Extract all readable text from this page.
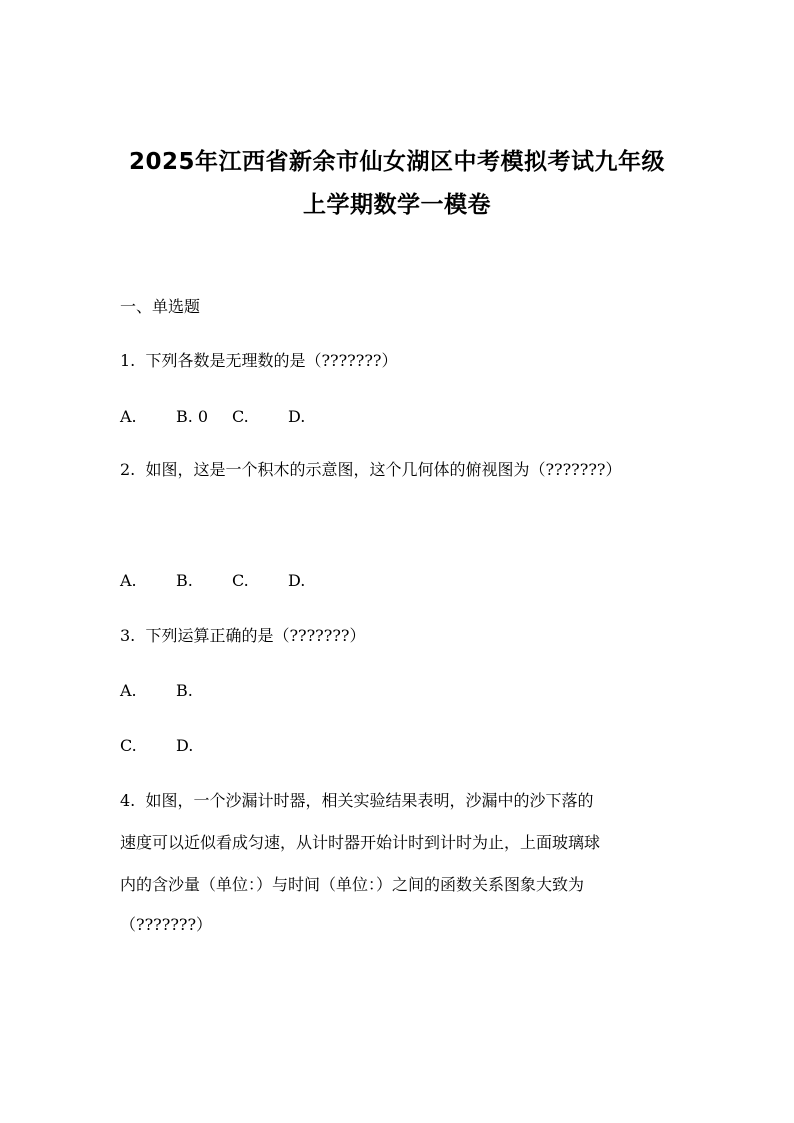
2025年江西省新余市仙女湖区中考模拟考试九年级
上学期数学一模卷
一、单选题
1.  下列各数是无理数的是（???????）
A. B. 0 C. D.
2.  如图，这是一个积木的示意图，这个几何体的俯视图为（???????）
A. B. C. D.
3.  下列运算正确的是（???????）
A. B.
C. D.
4.  如图，一个沙漏计时器，相关实验结果表明，沙漏中的沙下落的
速度可以近似看成匀速，从计时器开始计时到计时为止，上面玻璃球
内的含沙量（单位：）与时间（单位：）之间的函数关系图象大致为
（???????）
